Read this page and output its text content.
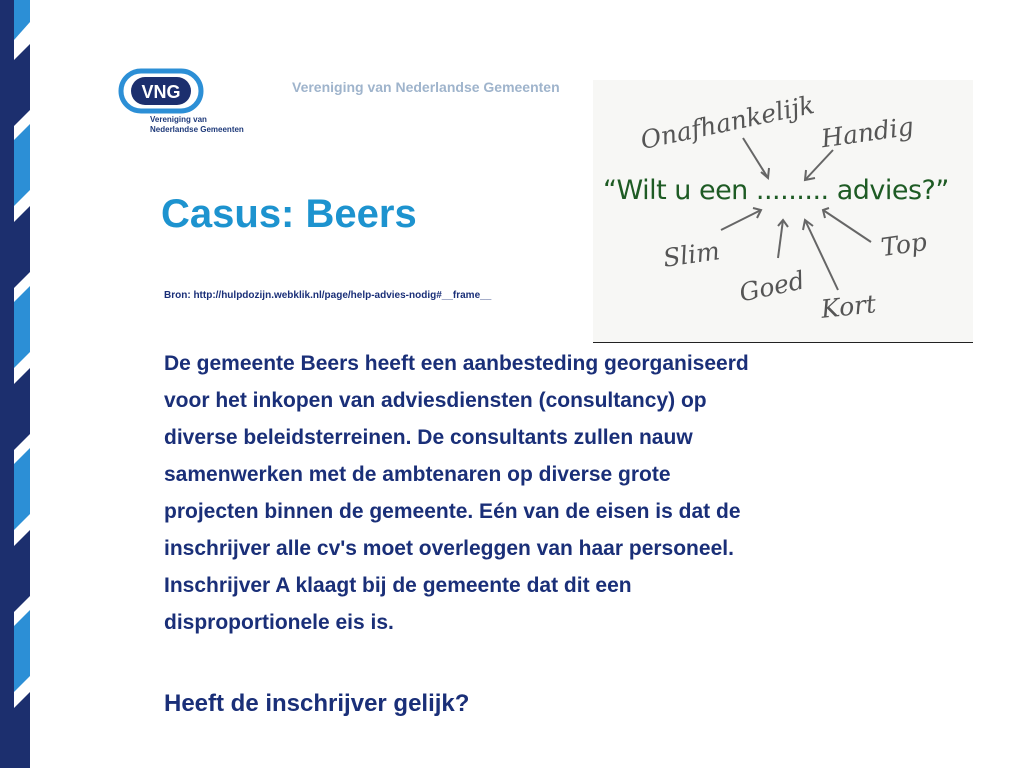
VNG
Vereniging van
Nederlandse Gemeenten
Vereniging van Nederlandse Gemeenten
“Wilt u een ......... advies?”
Onafhankelijk Handig
Slim
Goed Kort
Top
Casus: Beers
Bron: http://hulpdozijn.webklik.nl/page/help-advies-nodig#__frame__
De gemeente Beers heeft een aanbesteding georganiseerd
voor het inkopen van adviesdiensten (consultancy) op
diverse beleidsterreinen. De consultants zullen nauw
samenwerken met de ambtenaren op diverse grote
projecten binnen de gemeente. Eén van de eisen is dat de
inschrijver alle cv's moet overleggen van haar personeel.
Inschrijver A klaagt bij de gemeente dat dit een
disproportionele eis is.
Heeft de inschrijver gelijk?
